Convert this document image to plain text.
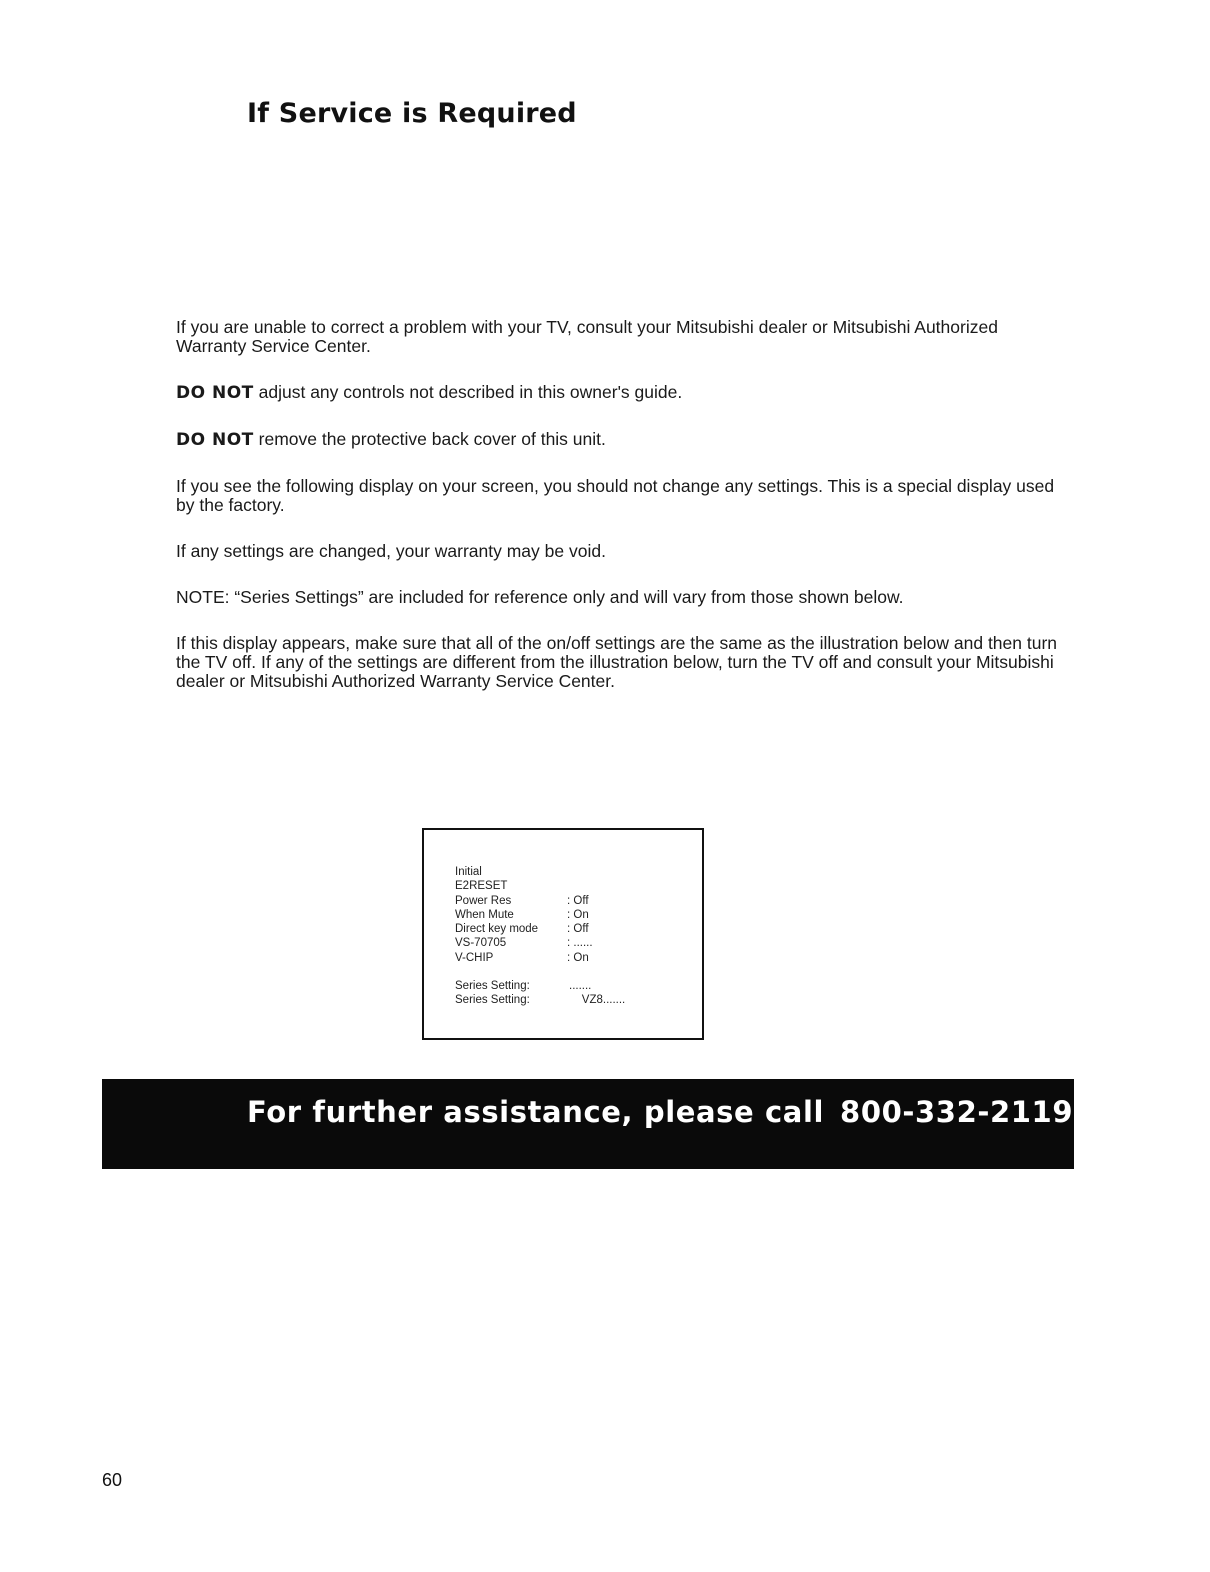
If Service is Required

If you are unable to correct a problem with your TV, consult your Mitsubishi dealer or Mitsubishi Authorized Warranty Service Center.

DO NOT adjust any controls not described in this owner's guide.

DO NOT remove the protective back cover of this unit.

If you see the following display on your screen, you should not change any settings. This is a special display used by the factory.

If any settings are changed, your warranty may be void.

NOTE: “Series Settings” are included for reference only and will vary from those shown below.

If this display appears, make sure that all of the on/off settings are the same as the illustration below and then turn the TV off. If any of the settings are different from the illustration below, turn the TV off and consult your Mitsubishi dealer or Mitsubishi Authorized Warranty Service Center.

Initial
E2RESET
Power Res	: Off
When Mute	: On
Direct key mode	: Off
VS-70705	: ......
V-CHIP	: On
Series Setting:	.......
Series Setting:	VZ8.......
For further assistance, please call 800-332-2119
60
